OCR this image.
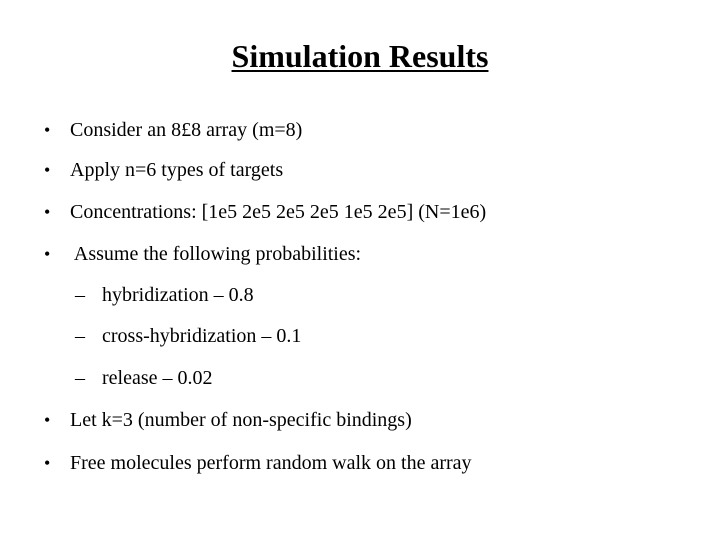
Simulation Results
• Consider an 8£8 array (m=8)
• Apply n=6 types of targets
• Concentrations: [1e5 2e5 2e5 2e5 1e5 2e5] (N=1e6)
• Assume the following probabilities:
– hybridization – 0.8
– cross-hybridization – 0.1
– release – 0.02
• Let k=3 (number of non-specific bindings)
• Free molecules perform random walk on the array
